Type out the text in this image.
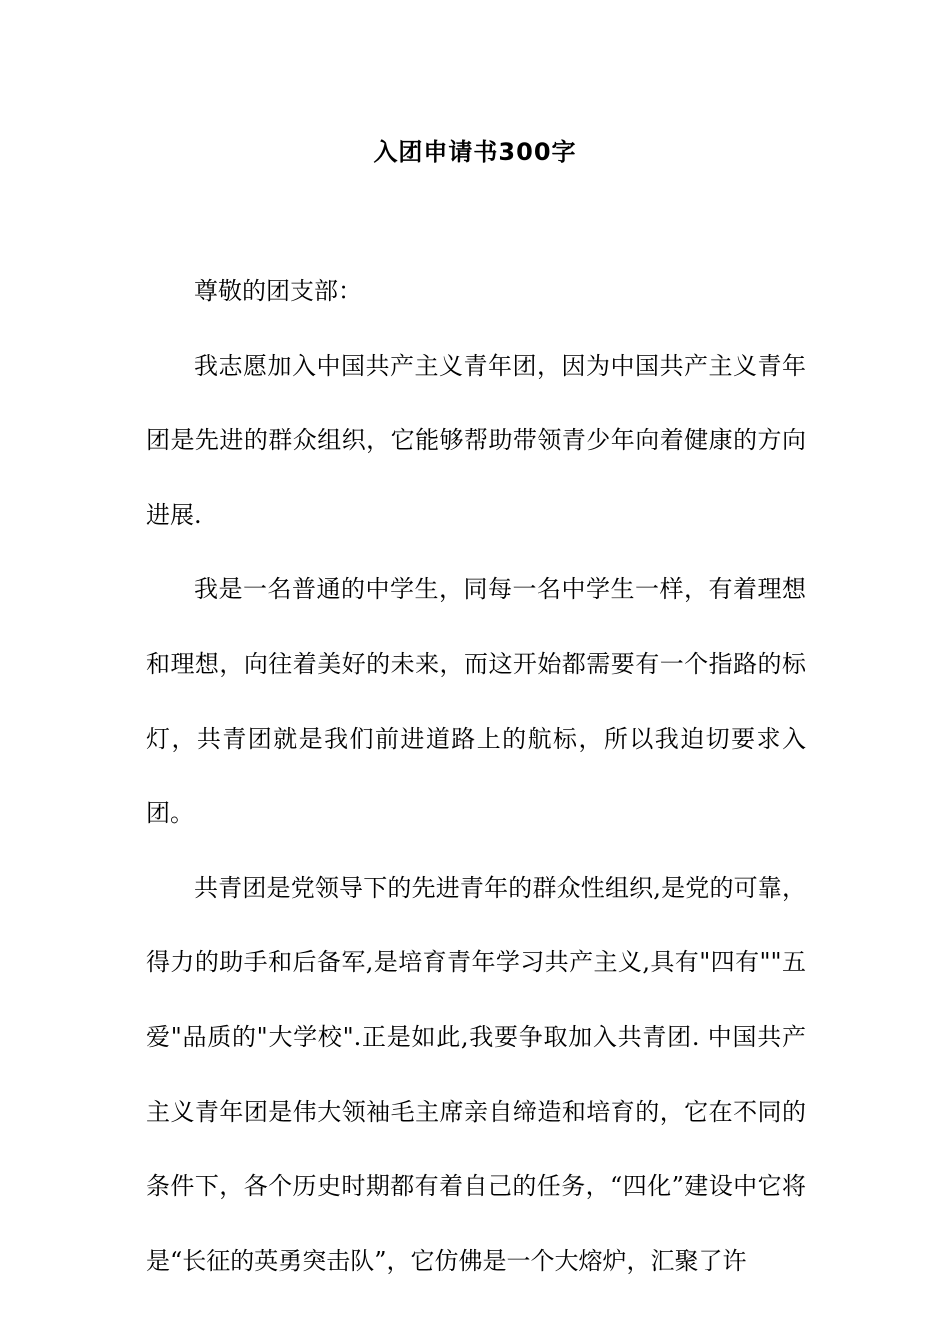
入团申请书300字

尊敬的团支部：

我志愿加入中国共产主义青年团，因为中国共产主义青年团是先进的群众组织，它能够帮助带领青少年向着健康的方向进展.

我是一名普通的中学生，同每一名中学生一样，有着理想和理想，向往着美好的未来，而这开始都需要有一个指路的标灯，共青团就是我们前进道路上的航标，所以我迫切要求入团。

共青团是党领导下的先进青年的群众性组织,是党的可靠，得力的助手和后备军,是培育青年学习共产主义,具有"四有""五爱"品质的"大学校".正是如此,我要争取加入共青团. 中国共产主义青年团是伟大领袖毛主席亲自缔造和培育的，它在不同的条件下，各个历史时期都有着自己的任务，“四化”建设中它将是“长征的英勇突击队”，它仿佛是一个大熔炉，汇聚了许
